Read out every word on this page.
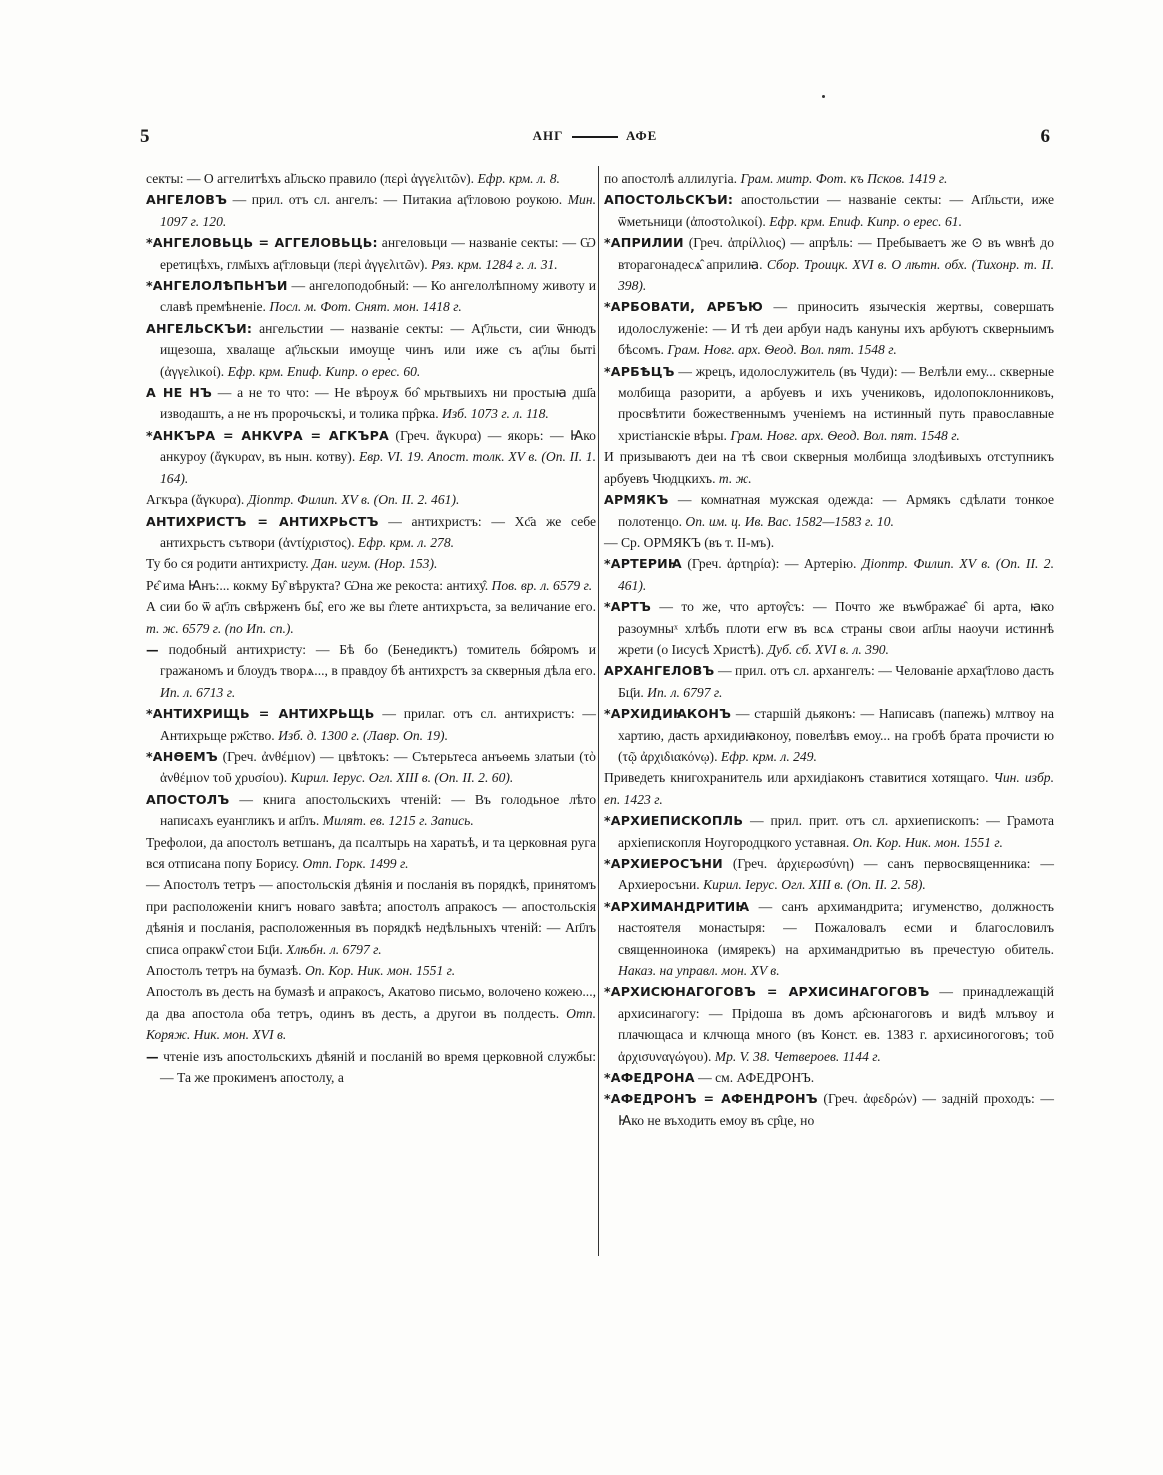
5	АНГ	АФЕ	6

секты: — О аггелитѣхъ аӏ҃льско правило (περὶ ἀγγελιτῶν). Ефр. крм. л. 8.

АНГЕЛОВЪ — прил. отъ сл. ангелъ: — Питакиа аӷ҃гловою роукою. Мин. 1097 г. 120.

*АНГЕЛОВЬЦЬ = АГГЕЛОВЬЦЬ: ангеловьци — названіе секты: — Ѡ еретицѣхъ, глм҃ыхъ аӷ҃гловьци (περὶ ἀγγελιτῶν). Ряз. крм. 1284 г. л. 31.

*АНГЕЛОЛѢПЬНЪИ — ангелоподобный: — Ко ангелолѣпному животу и славѣ премѣненіе. Посл. м. Фот. Снят. мон. 1418 г.

АНГЕЛЬСКЪИ: ангельстии — названіе секты: — Аӷ҃льсти, сии ѿнюдъ ищезоша, хвалаще аӷ҃льскыи имоуще чинъ или иже съ аӷ҃лы быті (ἀγγελικοί). Ефр. крм. Епиф. Кипр. о ерес. 60.

А НЕ НЪ — а не то что: — Не вѣроуѫ бо̂ мрьтвыихъ ни простыꙗ дш҃а изводашть, а не нъ пророчьскъі, и толика пр̂рка. Изб. 1073 г. л. 118.

*АНКЪРА = АНКѴРА = АГКЪРА (Греч. ἄγκυρα) — якорь: — Ꙗко анкуроу (ἄγκυραν, въ нын. котву). Евр. VI. 19. Апост. толк. XV в. (Оп. II. 1. 164).

Агкъра (ἄγκυρα). Діоптр. Филип. XV в. (Оп. II. 2. 461).

АНТИХРИСТЪ = АНТИХРЬСТЪ — антихристъ: — Хс҃а же себе антихрьстъ сътвори (ἀντίχριστος). Ефр. крм. л. 278.

Ту бо ся родити антихристу. Дан. игум. (Нор. 153).

Рє̂ има Ꙗнъ:... кокму Бу̂ вѣрукта? Ѡна же рекоста: антиху̂. Пов. вр. л. 6579 г.

А сии бо ѿ аӷ҃лъ свѣрженъ бы̂, его же вы г̂лете антихръста, за величание его. т. ж. 6579 г. (по Ип. сп.).

— подобный антихристу: — Бѣ бо (Бенедиктъ) томитель бо̂яромъ и гражаномъ и блоудъ творѧ..., в правдоу бѣ антихрстъ за скверныя дѣла его. Ип. л. 6713 г.

*АНТИХРИЩЬ = АНТИХРЬЩЬ — прилаг. отъ сл. антихристъ: — Антихрьще рж҃ство. Изб. д. 1300 г. (Лавр. Оп. 19).

*АНѲЕМЪ (Греч. ἀνθέμιον) — цвѣтокъ: — Сътерьтеса анъѳемь златыи (τὸ ἀνθέμιον τοῦ χρυσίου). Кирил. Іерус. Огл. XIII в. (Оп. II. 2. 60).

АПОСТОЛЪ — книга апостольскихъ чтеній: — Въ голодьное лѣто написахъ еуангликъ и ап҃лъ. Милят. ев. 1215 г. Запись.

Трефолои, да апостолъ ветшанъ, да псалтырь на харатьѣ, и та церковная руга вся отписана попу Борису. Отп. Горк. 1499 г.

— Апостолъ тетръ — апостольскія дѣянія и посланія въ порядкѣ, принятомъ при расположеніи книгъ новаго завѣта; апостолъ апракосъ — апостольскія дѣянія и посланія, расположенныя въ порядкѣ недѣльныхъ чтеній: — Ап҃лъ списа опракѡ̂ стои Бц҃и. Хлѣбн. л. 6797 г.

Апостолъ тетръ на бумазѣ. Оп. Кор. Ник. мон. 1551 г.

Апостолъ въ десть на бумазѣ и апракосъ, Акатово письмо, волочено кожею..., да два апостола оба тетръ, одинъ въ десть, а другои въ полдесть. Отп. Коряж. Ник. мон. XVI в.

— чтеніе изъ апостольскихъ дѣяній и посланій во время церковной службы: — Та же прокименъ апостолу, а

по апостолѣ аллилугіа. Грам. митр. Фот. къ Псков. 1419 г.

АПОСТОЛЬСКЪИ: апостольстии — названіе секты: — Ап҃льсти, иже ѿметьници (ἀποστολικοί). Ефр. крм. Епиф. Кипр. о ерес. 61.

*АПРИЛИИ (Греч. ἀπρίλλιος) — апрѣль: — Пребываетъ же ⊙ въ ѡвнѣ до вторагонадесѧ̂ априлиꙗ. Сбор. Троицк. XVI в. О лѣтн. обх. (Тихонр. т. II. 398).

*АРБОВАТИ, АРБЪЮ — приносить языческія жертвы, совершать идолослуженіе: — И тѣ деи арбуи надъ кануны ихъ арбуютъ скверныимъ бѣсомъ. Грам. Новг. арх. Ѳеод. Вол. пят. 1548 г.

*АРБѢЦЪ — жрецъ, идолослужитель (въ Чуди): — Велѣли ему... скверные молбища разорити, а арбуевъ и ихъ учениковъ, идолопоклонниковъ, просвѣтити божественнымъ ученіемъ на истинный путь православные христіанскіе вѣры. Грам. Новг. арх. Ѳеод. Вол. пят. 1548 г.

И призываютъ деи на тѣ свои скверныя молбища злодѣивыхъ отступникъ арбуевъ Чюдцкихъ. т. ж.

АРМЯКЪ — комнатная мужская одежда: — Армякъ сдѣлати тонкое полотенцо. Оп. им. ц. Ив. Вас. 1582—1583 г. 10.

— Ср. ОРМЯКЪ (въ т. II-мъ).

*АРТЕРИꙖ (Греч. ἀρτηρία): — Артерію. Діоптр. Филип. XV в. (Оп. II. 2. 461).

*АРТЪ — то же, что артѹ̂съ: — Почто же въѡбражае̂ бі арта, ꙗко разоумныˣ хлѣбъ плоти егѡ въ всѧ страны свои ап҃лы наоучи истиннѣ жрети (о Іисусѣ Христѣ). Дуб. сб. XVI в. л. 390.

АРХАНГЕЛОВЪ — прил. отъ сл. архангелъ: — Челованіе архаӷ҃глово дасть Бц҃и. Ип. л. 6797 г.

*АРХИДИꙖКОНЪ — старшій дьяконъ: — Написавъ (папежь) млтвоу на хартию, дасть архидиꙗконоу, повелѣвъ емоу... на гробѣ брата прочисти ю (τῷ ἀρχιδιακόνῳ). Ефр. крм. л. 249.

Приведеть книгохранитель или архидіаконъ ставитися хотящаго. Чин. избр. еп. 1423 г.

*АРХИЕПИСКОПЛЬ — прил. прит. отъ сл. архиепископъ: — Грамота архіепископля Ноугородцкого уставная. Оп. Кор. Ник. мон. 1551 г.

*АРХИЕРОСЪНИ (Греч. ἀρχιερωσύνη) — санъ первосвященника: — Архиеросъни. Кирил. Іерус. Огл. XIII в. (Оп. II. 2. 58).

*АРХИМАНДРИТИꙖ — санъ архимандрита; игуменство, должность настоятеля монастыря: — Пожаловалъ есми и благословилъ священноинока (имярекъ) на архимандритью въ пречестую обитель. Наказ. на управл. мон. XV в.

*АРХИСЮНАГОГОВЪ = АРХИСИНАГОГОВЪ — принадлежащій архисинагогу: — Прідоша въ домъ ар̂сюнагоговъ и видѣ млъвоу и плачющаса и клчюща много (въ Конст. ев. 1383 г. архисиногоговъ; τοῦ ἀρχισυναγώγου). Мр. V. 38. Четвероев. 1144 г.

*АФЕДРОНА — см. АФЕДРОНЪ.

*АФЕДРОНЪ = АФЕНДРОНЪ (Греч. ἀφεδρών) — задній проходъ: — Ꙗко не въходить емоу въ ср̂це, но
